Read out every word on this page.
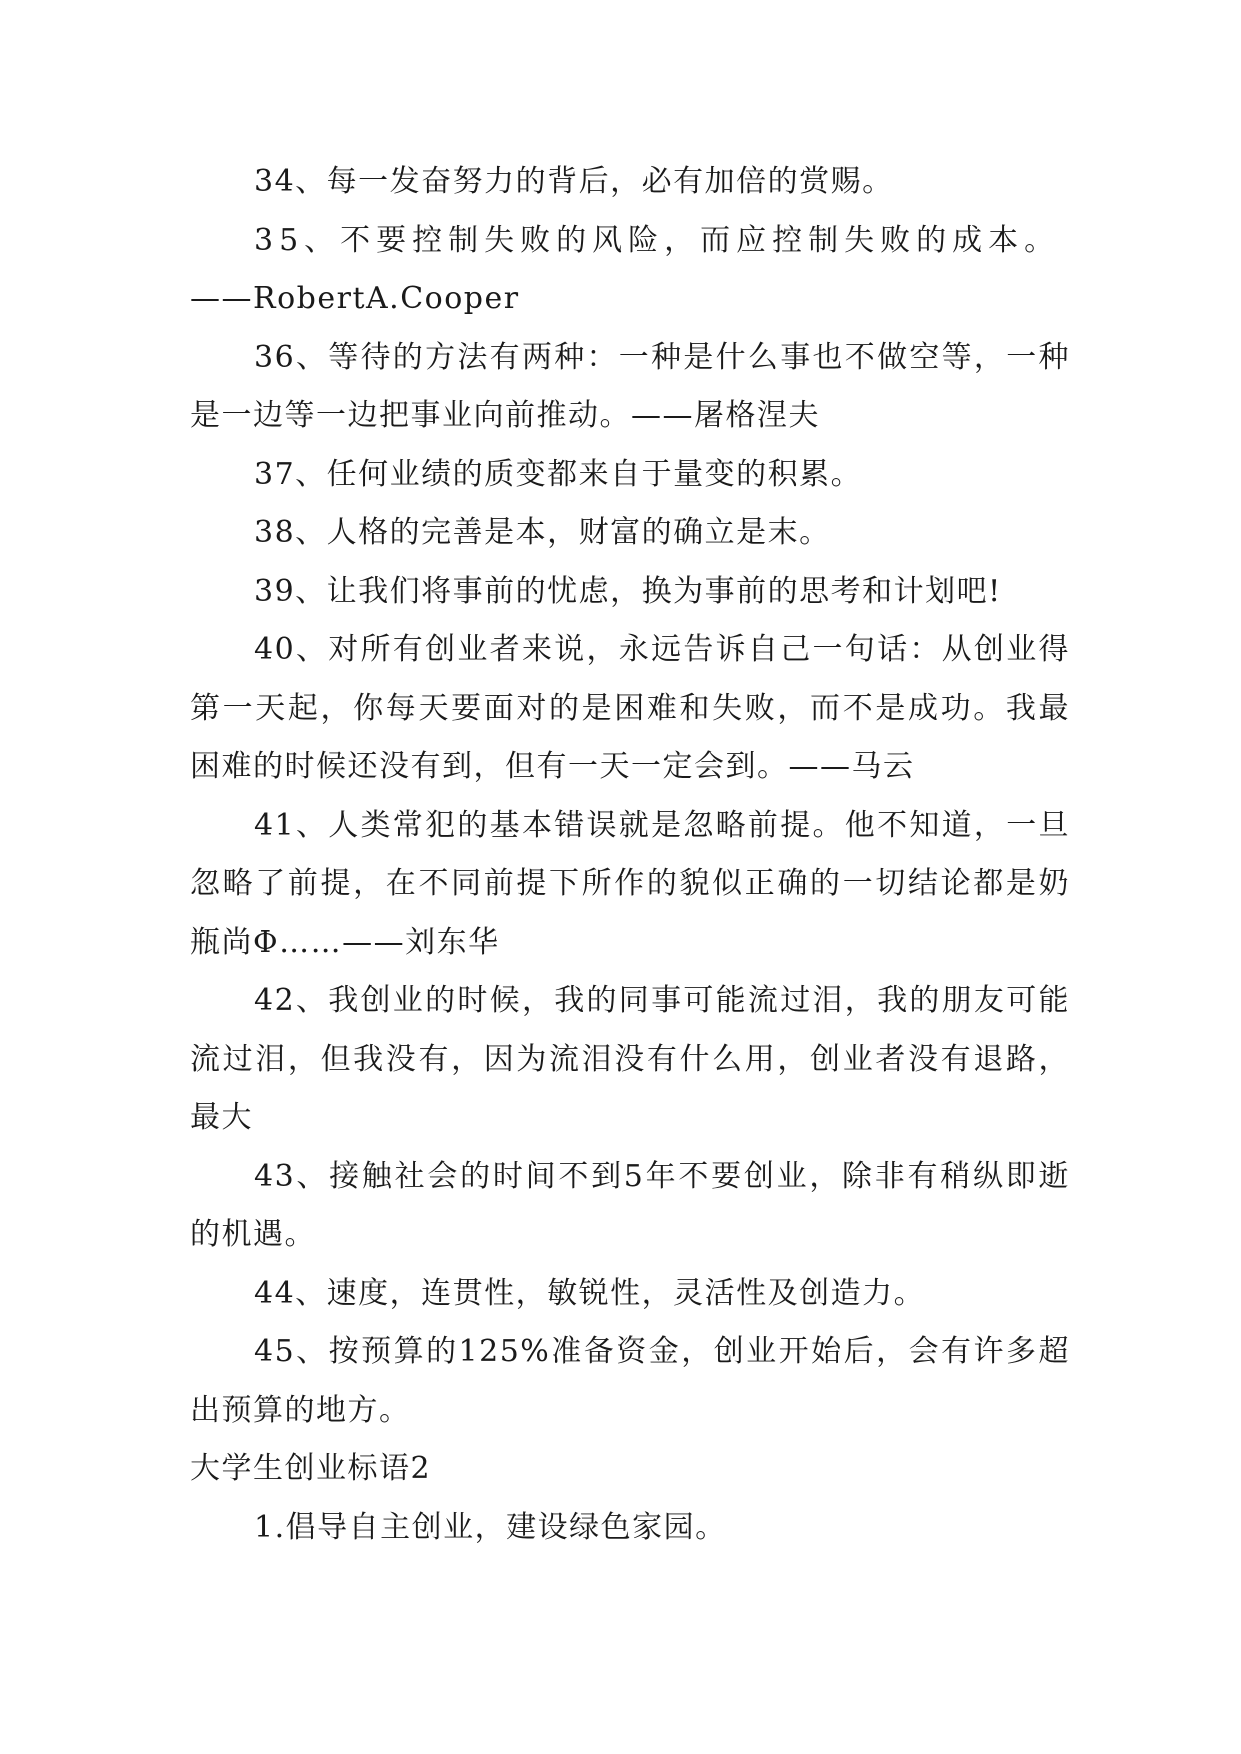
34、每一发奋努力的背后，必有加倍的赏赐。

35、不要控制失败的风险，而应控制失败的成本。

——RobertA.Cooper

36、等待的方法有两种：一种是什么事也不做空等，一种是一边等一边把事业向前推动。——屠格涅夫

37、任何业绩的质变都来自于量变的积累。

38、人格的完善是本，财富的确立是末。

39、让我们将事前的忧虑，换为事前的思考和计划吧!

40、对所有创业者来说，永远告诉自己一句话：从创业得第一天起，你每天要面对的是困难和失败，而不是成功。我最困难的时候还没有到，但有一天一定会到。——马云

41、人类常犯的基本错误就是忽略前提。他不知道，一旦忽略了前提，在不同前提下所作的貌似正确的一切结论都是奶瓶尚Φ……——刘东华

42、我创业的时候，我的同事可能流过泪，我的朋友可能流过泪，但我没有，因为流泪没有什么用，创业者没有退路，最大

43、接触社会的时间不到5年不要创业，除非有稍纵即逝的机遇。

44、速度，连贯性，敏锐性，灵活性及创造力。

45、按预算的125%准备资金，创业开始后，会有许多超出预算的地方。

大学生创业标语2

1.倡导自主创业，建设绿色家园。
